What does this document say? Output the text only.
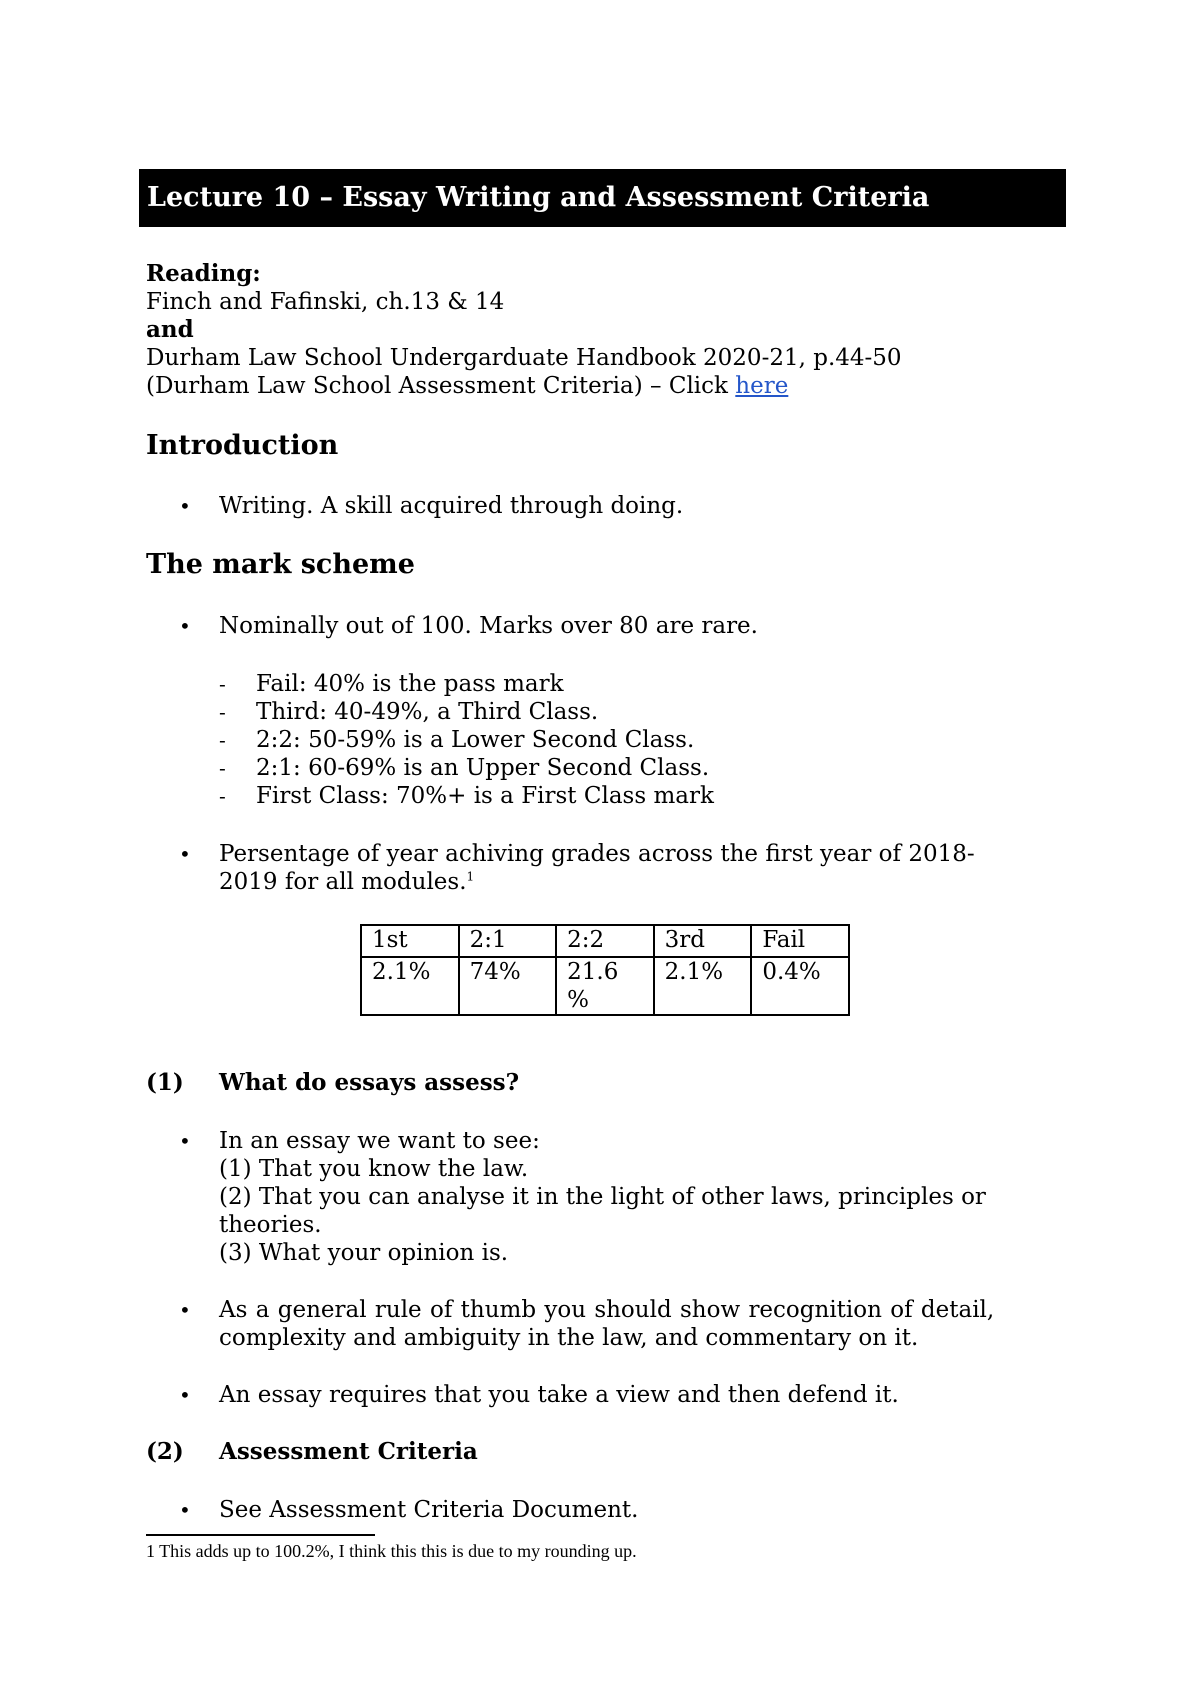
Lecture 10 – Essay Writing and Assessment Criteria
Reading:
Finch and Fafinski, ch.13 & 14
and
Durham Law School Undergarduate Handbook 2020-21, p.44-50
(Durham Law School Assessment Criteria) – Click here
Introduction
• Writing. A skill acquired through doing.
The mark scheme
• Nominally out of 100. Marks over 80 are rare.
- Fail: 40% is the pass mark
- Third: 40-49%, a Third Class.
- 2:2: 50-59% is a Lower Second Class.
- 2:1: 60-69% is an Upper Second Class.
- First Class: 70%+ is a First Class mark
• Persentage of year achiving grades across the first year of 2018-
2019 for all modules.$^1$
1st	2:1	2:2	3rd	Fail
2.1%	74%	21.6 %	2.1%	0.4%
(1) What do essays assess?
• In an essay we want to see:
(1) That you know the law.
(2) That you can analyse it in the light of other laws, principles or
theories.
(3) What your opinion is.
• As a general rule of thumb you should show recognition of detail,
complexity and ambiguity in the law, and commentary on it.
• An essay requires that you take a view and then defend it.
(2) Assessment Criteria
• See Assessment Criteria Document.
1 This adds up to 100.2%, I think this this is due to my rounding up.
